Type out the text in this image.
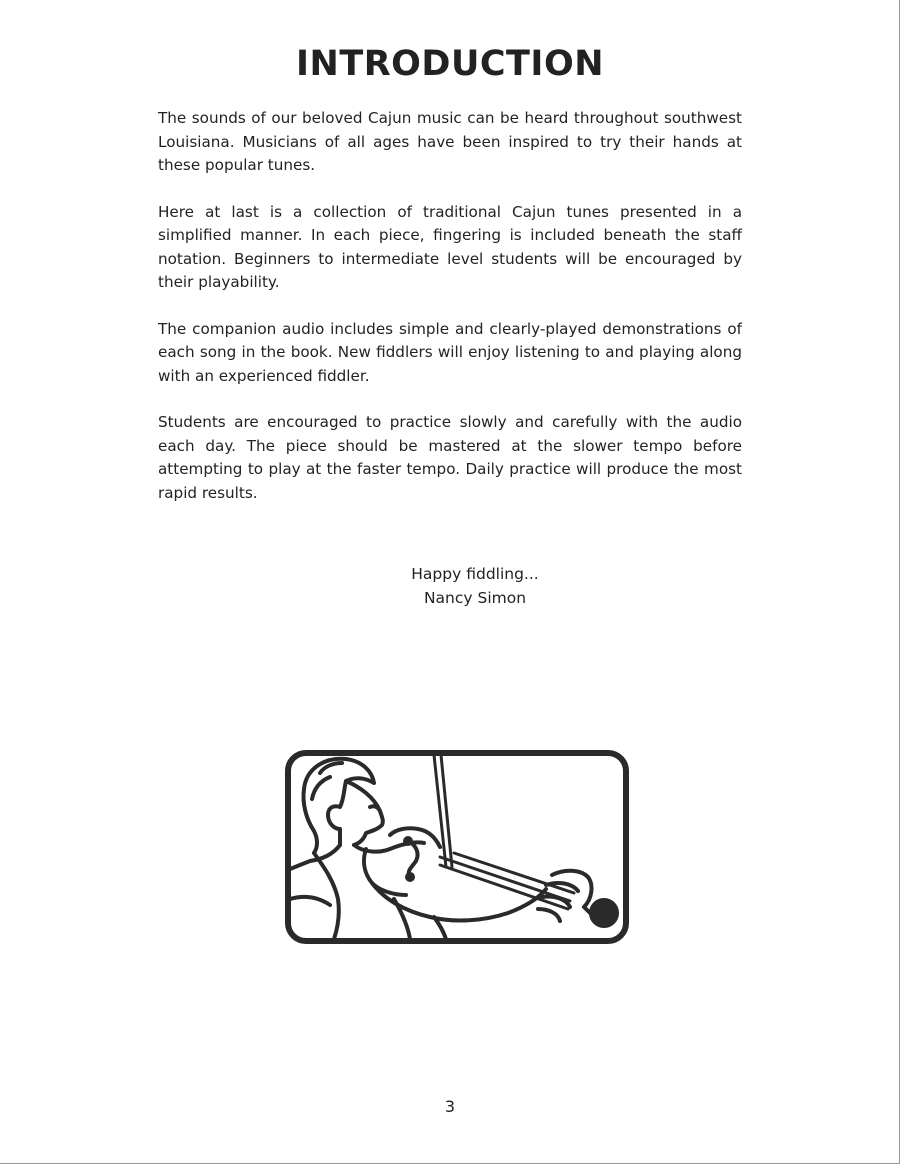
INTRODUCTION

The sounds of our beloved Cajun music can be heard throughout southwest Louisiana. Musicians of all ages have been inspired to try their hands at these popular tunes.

Here at last is a collection of traditional Cajun tunes presented in a simplified manner. In each piece, fingering is included beneath the staff notation. Beginners to intermediate level students will be encouraged by their playability.

The companion audio includes simple and clearly-played demonstrations of each song in the book. New fiddlers will enjoy listening to and playing along with an experienced fiddler.

Students are encouraged to practice slowly and carefully with the audio each day. The piece should be mastered at the slower tempo before attempting to play at the faster tempo. Daily practice will produce the most rapid results.

Happy fiddling...
Nancy Simon
3
